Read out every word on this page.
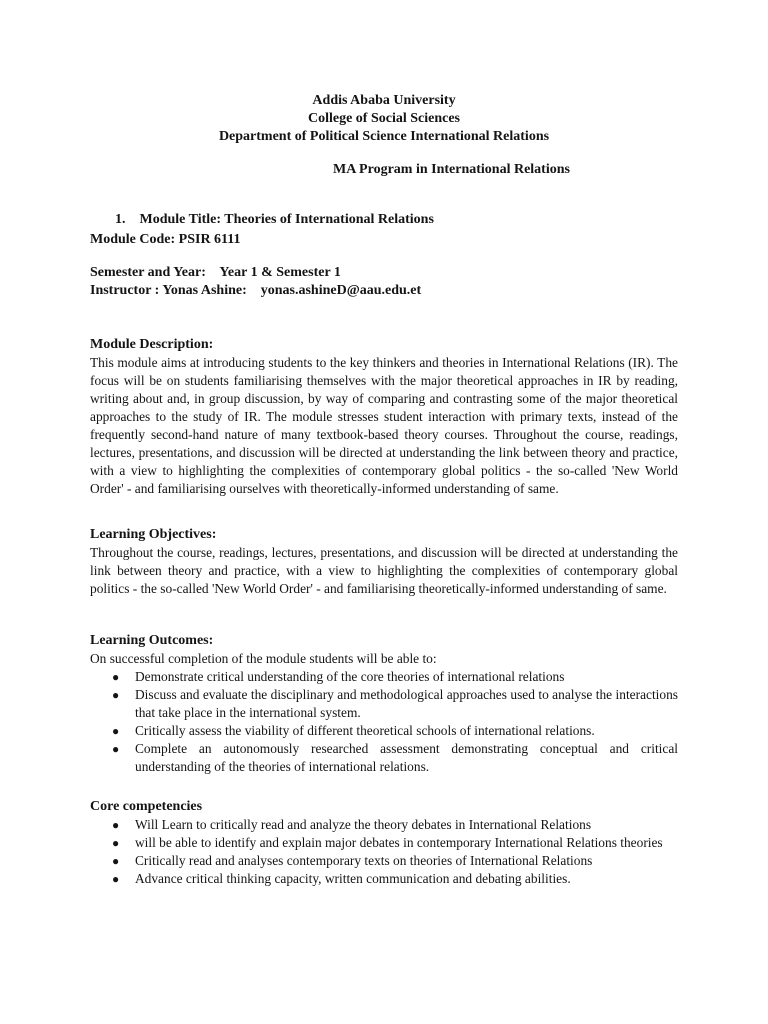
Addis Ababa University
College of Social Sciences
Department of Political Science International Relations
MA Program in International Relations
1. Module Title: Theories of International Relations
Module Code: PSIR 6111
Semester and Year:    Year 1 & Semester 1
Instructor : Yonas Ashine:    yonas.ashineD@aau.edu.et

Module Description:

This module aims at introducing students to the key thinkers and theories in International Relations (IR). The focus will be on students familiarising themselves with the major theoretical approaches in IR by reading, writing about and, in group discussion, by way of comparing and contrasting some of the major theoretical approaches to the study of IR. The module stresses student interaction with primary texts, instead of the frequently second-hand nature of many textbook-based theory courses. Throughout the course, readings, lectures, presentations, and discussion will be directed at understanding the link between theory and practice, with a view to highlighting the complexities of contemporary global politics - the so-called 'New World Order' - and familiarising ourselves with theoretically-informed understanding of same.

Learning Objectives:

Throughout the course, readings, lectures, presentations, and discussion will be directed at understanding the link between theory and practice, with a view to highlighting the complexities of contemporary global politics - the so-called 'New World Order' - and familiarising theoretically-informed understanding of same.

Learning Outcomes:

On successful completion of the module students will be able to:

● Demonstrate critical understanding of the core theories of international relations
● Discuss and evaluate the disciplinary and methodological approaches used to analyse the interactions that take place in the international system.
● Critically assess the viability of different theoretical schools of international relations.
● Complete an autonomously researched assessment demonstrating conceptual and critical understanding of the theories of international relations.

Core competencies

● Will Learn to critically read and analyze the theory debates in International Relations
● will be able to identify and explain major debates in contemporary International Relations theories
● Critically read and analyses contemporary texts on theories of International Relations
● Advance critical thinking capacity, written communication and debating abilities.
